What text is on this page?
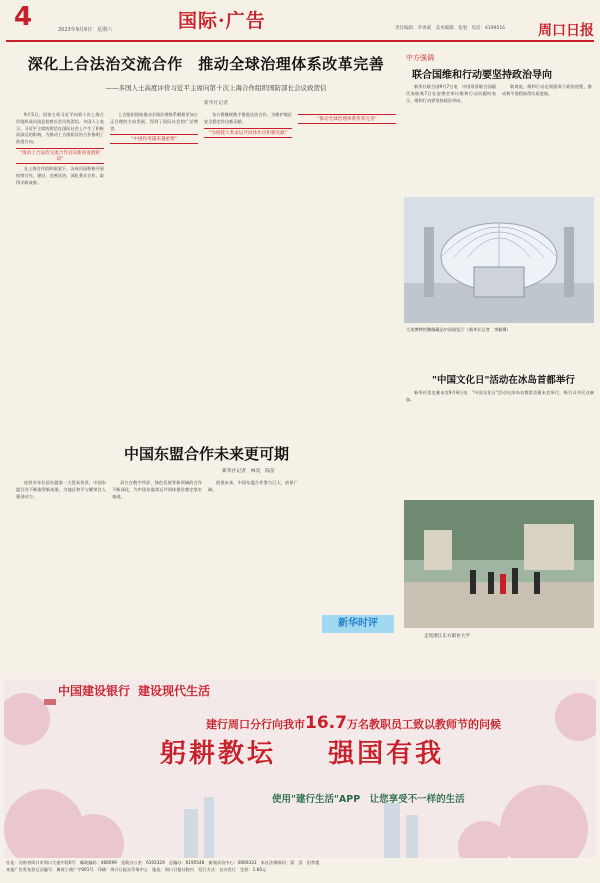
4	2023年9月9日　星期六	国际·广告	责任编辑：李勇威　美术编辑：张旭　电话：6199516 周口日报
深化上合法治交流合作　推动全球治理体系改革完善
——多国人士高度评价习近平主席向第十次上海合作组织国防部长会议致贺信
新华社记者

9月5日，国家主席习近平向第十次上海合作组织成员国总检察长会议致贺信。多国人士表示，习近平主席的贺信在国际社会上产生了积极而深远的影响，为推动上合组织法治合作指明了前进方向。

"推动上合法治交流合作迈向新的发展阶段"

在上海合作组织框架下，各成员国积极开展检察合作，建设、完善法治，深化务实合作，取得丰硕成果。

上合组织国家推动全球治理体系朝着更加公正合理的方向发展，得到了国际社会的广泛赞誉。

"中国作用越来越重要"

各方将继续携手推进法治合作，为维护地区安全稳定作出新贡献。

"为构建人类命运共同体作出积极贡献"
"推动全球治理体系变革完善"
中方强调
联合国维和行动要坚持政治导向

新华社联合国9月7日电　中国常驻联合国副代表耿爽7日在安理会审议维和行动问题时表示，维和行动要坚持政治导向。

耿爽说，维和行动必须服务于政治进程，推动和平进程取得实质进展。

大英博物馆雕像藏品中国展览厅（新华社记者　李颖摄）
"中国文化日"活动在冰岛首都举行

新华社雷克雅未克9月8日电　"中国文化日"活动在冰岛首都雷克雅未克举行，吸引众多民众参加。

走进浙江东方职业大学
中国东盟合作未来更可期
新华社记者　林昊　陆苗

连续多年位居东盟第一大贸易伙伴，中国东盟合作不断取得新成果，为地区和平与繁荣注入强劲动力。

双方在数字经济、绿色发展等新领域的合作不断深化，为中国东盟命运共同体建设奠定坚实基础。

展望未来，中国东盟合作潜力巨大，前景广阔。

新华时评
中国建设银行 建设现代生活
建行周口分行向我市16.7万名教职员工致以教师节的问候
躬耕教坛 强国有我
使用"建行生活"APP　让您享受不一样的生活
社址：河南省周口市周口大道中段6号　邮政编码：466099　党政办公室：6192329　总编办：6195548　新闻采访中心：6069333　本社法律顾问：梁　浩　田孝震
本报广告发布登记证编号：豫周工商广字001号　印刷：周口日报社印务中心　地址：周口日报社院内　发行方式：自办发行　定价：1.60元
